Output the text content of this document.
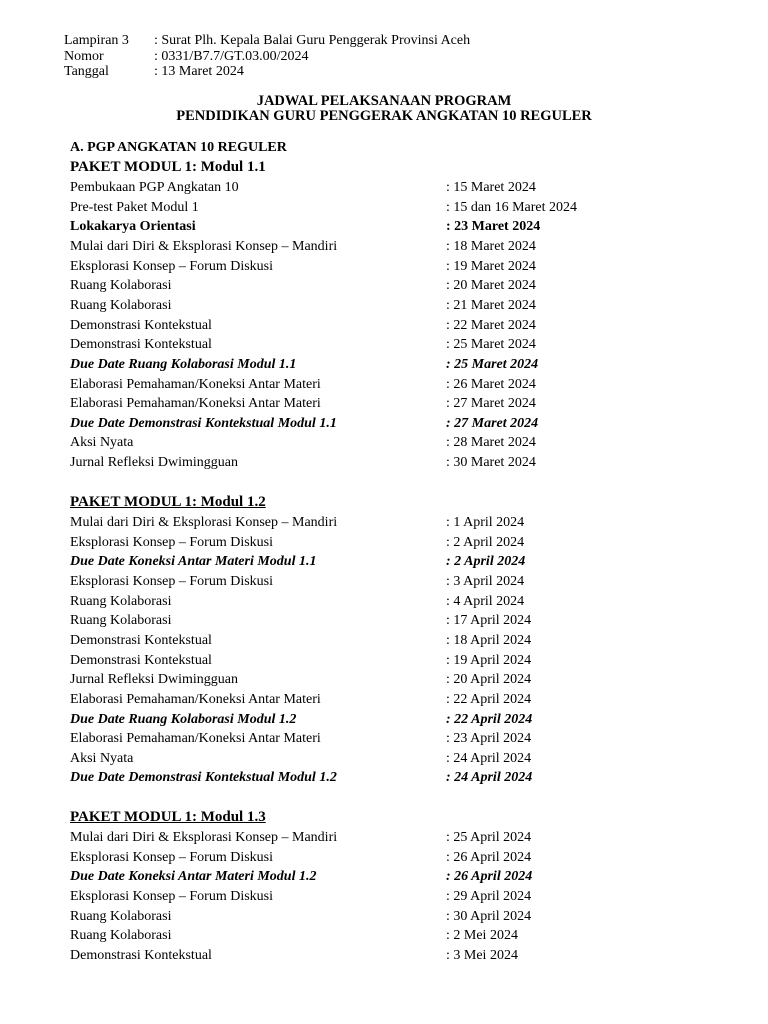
Lampiran 3	: Surat Plh. Kepala Balai Guru Penggerak Provinsi Aceh
Nomor	: 0331/B7.7/GT.03.00/2024
Tanggal	: 13 Maret 2024
JADWAL PELAKSANAAN PROGRAM
PENDIDIKAN GURU PENGGERAK ANGKATAN 10 REGULER
A. PGP ANGKATAN 10 REGULER
PAKET MODUL 1: Modul 1.1
Pembukaan PGP Angkatan 10	: 15 Maret 2024
Pre-test Paket Modul 1	: 15 dan 16 Maret 2024
Lokakarya Orientasi	: 23 Maret 2024
Mulai dari Diri & Eksplorasi Konsep – Mandiri	: 18 Maret 2024
Eksplorasi Konsep – Forum Diskusi	: 19 Maret 2024
Ruang Kolaborasi	: 20 Maret 2024
Ruang Kolaborasi	: 21 Maret 2024
Demonstrasi Kontekstual	: 22 Maret 2024
Demonstrasi Kontekstual	: 25 Maret 2024
Due Date Ruang Kolaborasi Modul 1.1	: 25 Maret 2024
Elaborasi Pemahaman/Koneksi Antar Materi	: 26 Maret 2024
Elaborasi Pemahaman/Koneksi Antar Materi	: 27 Maret 2024
Due Date Demonstrasi Kontekstual Modul 1.1	: 27 Maret 2024
Aksi Nyata	: 28 Maret 2024
Jurnal Refleksi Dwimingguan	: 30 Maret 2024
PAKET MODUL 1: Modul 1.2
Mulai dari Diri & Eksplorasi Konsep – Mandiri	: 1 April 2024
Eksplorasi Konsep – Forum Diskusi	: 2 April 2024
Due Date Koneksi Antar Materi Modul 1.1	: 2 April 2024
Eksplorasi Konsep – Forum Diskusi	: 3 April 2024
Ruang Kolaborasi	: 4 April 2024
Ruang Kolaborasi	: 17 April 2024
Demonstrasi Kontekstual	: 18 April 2024
Demonstrasi Kontekstual	: 19 April 2024
Jurnal Refleksi Dwimingguan	: 20 April 2024
Elaborasi Pemahaman/Koneksi Antar Materi	: 22 April 2024
Due Date Ruang Kolaborasi Modul 1.2	: 22 April 2024
Elaborasi Pemahaman/Koneksi Antar Materi	: 23 April 2024
Aksi Nyata	: 24 April 2024
Due Date Demonstrasi Kontekstual Modul 1.2	: 24 April 2024
PAKET MODUL 1: Modul 1.3
Mulai dari Diri & Eksplorasi Konsep – Mandiri	: 25 April 2024
Eksplorasi Konsep – Forum Diskusi	: 26 April 2024
Due Date Koneksi Antar Materi Modul 1.2	: 26 April 2024
Eksplorasi Konsep – Forum Diskusi	: 29 April 2024
Ruang Kolaborasi	: 30 April 2024
Ruang Kolaborasi	: 2 Mei 2024
Demonstrasi Kontekstual	: 3 Mei 2024
